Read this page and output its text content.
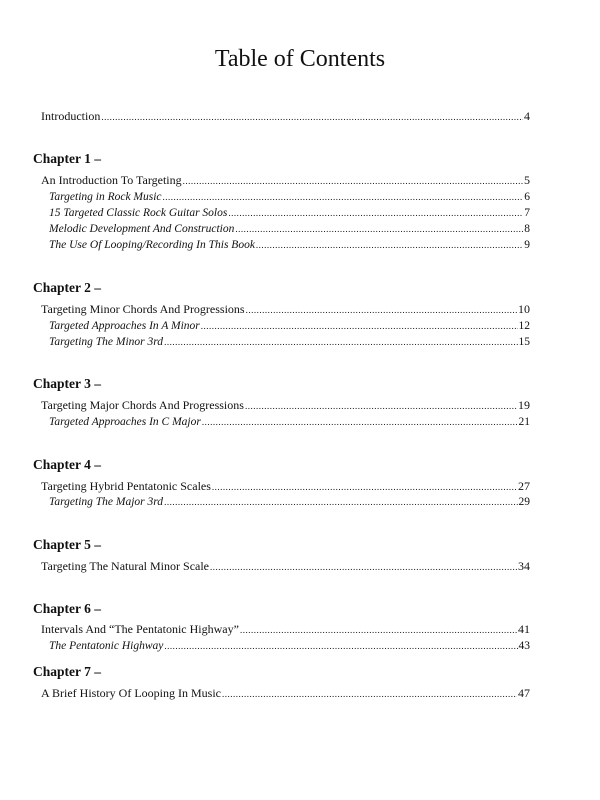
Table of Contents
Introduction .....	4
Chapter 1 –
An Introduction To Targeting .....	5
Targeting in Rock Music .....	6
15 Targeted Classic Rock Guitar Solos .....	7
Melodic Development And Construction .....	8
The Use Of Looping/Recording In This Book .....	9
Chapter 2 –
Targeting Minor Chords And Progressions .....	10
Targeted Approaches In A Minor .....	12
Targeting The Minor 3rd .....	15
Chapter 3 –
Targeting Major Chords And Progressions .....	19
Targeted Approaches In C Major .....	21
Chapter 4 –
Targeting Hybrid Pentatonic Scales .....	27
Targeting The Major 3rd .....	29
Chapter 5 –
Targeting The Natural Minor Scale .....	34
Chapter 6 –
Intervals And “The Pentatonic Highway” .....	41
The Pentatonic Highway .....	43
Chapter 7 –
A Brief History Of Looping In Music .....	47
